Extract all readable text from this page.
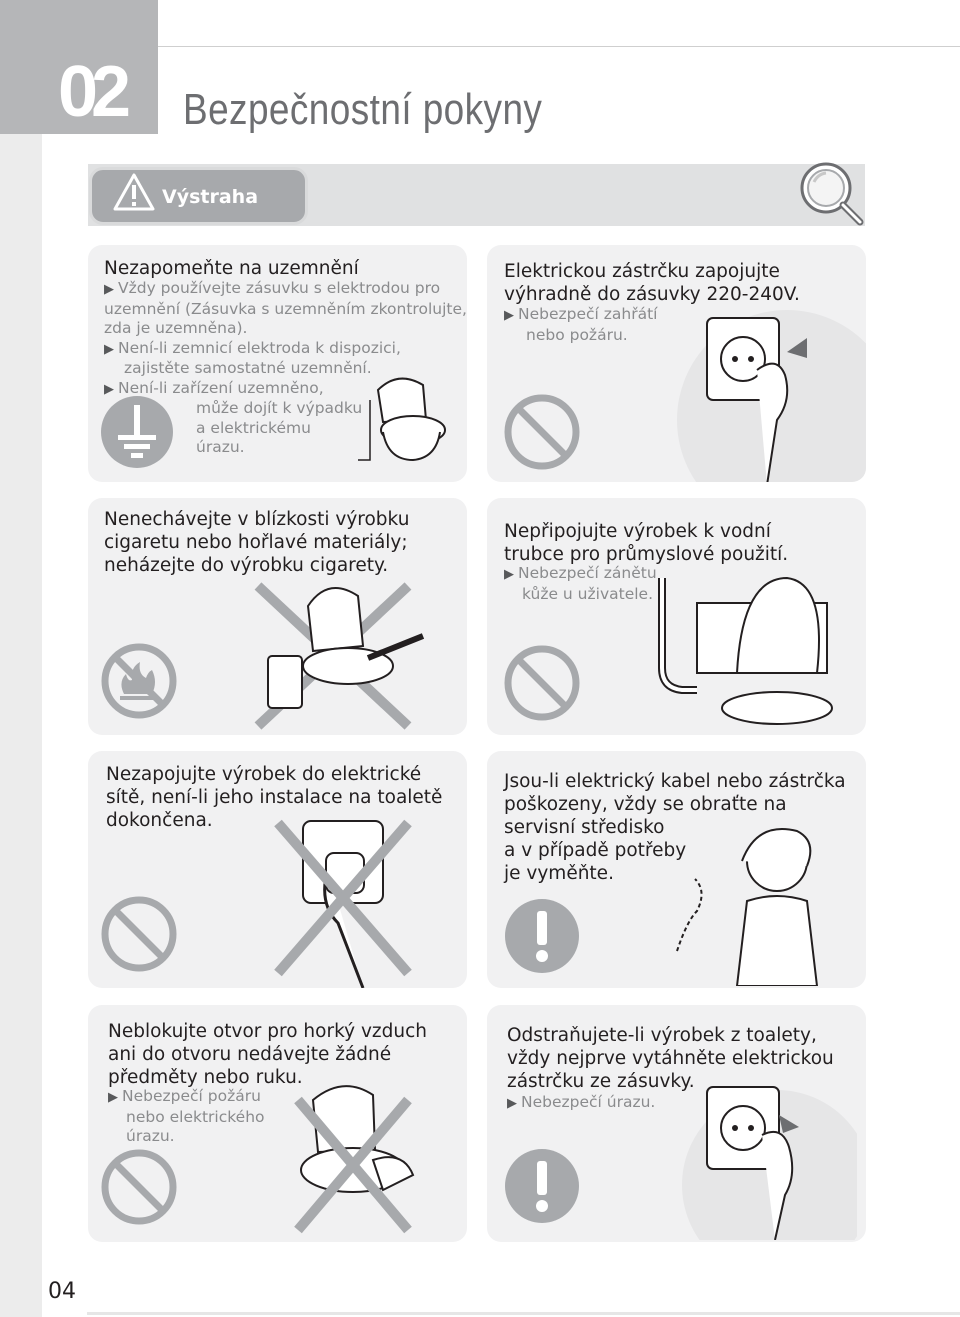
02 Bezpečnostní pokyny
Výstraha
Nezapomeňte na uzemnění
▶ Vždy používejte zásuvku s elektrodou pro
uzemnění (Zásuvka s uzemněním zkontrolujte,
zda je uzemněna).
▶ Není-li zemnicí elektroda k dispozici,
zajistěte samostatné uzemnění.
▶ Není-li zařízení uzemněno,
může dojít k výpadku
a elektrickému
úrazu.
Elektrickou zástrčku zapojujte
výhradně do zásuvky 220-240V.
▶ Nebezpečí zahřátí
nebo požáru.
Nenechávejte v blízkosti výrobku
cigaretu nebo hořlavé materiály;
neházejte do výrobku cigarety.
Nepřipojujte výrobek k vodní
trubce pro průmyslové použití.
▶ Nebezpečí zánětu
kůže u uživatele.
Nezapojujte výrobek do elektrické
sítě, není-li jeho instalace na toaletě
dokončena.
Jsou-li elektrický kabel nebo zástrčka
poškozeny, vždy se obraťte na
servisní středisko
a v případě potřeby
je vyměňte.
Neblokujte otvor pro horký vzduch
ani do otvoru nedávejte žádné
předměty nebo ruku.
▶ Nebezpečí požáru
nebo elektrického
úrazu.
Odstraňujete-li výrobek z toalety,
vždy nejprve vytáhněte elektrickou
zástrčku ze zásuvky.
▶ Nebezpečí úrazu.
04
